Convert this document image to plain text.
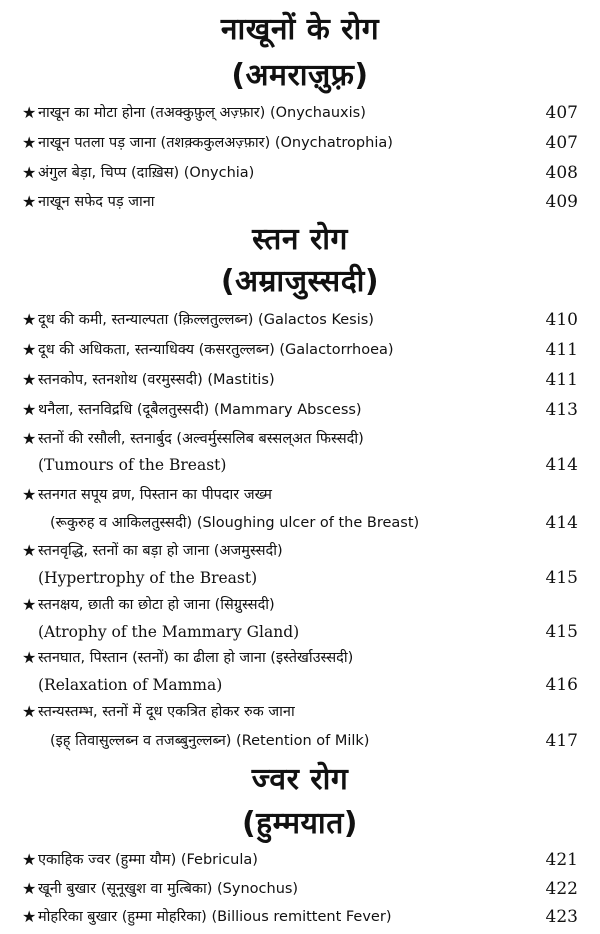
नाखूनों के रोग
(अमराज़ुफ़्र)
★ नाखून का मोटा होना (तअक्कुफ़ुल् अज़्फ़ार) (Onychauxis)	407
★ नाखून पतला पड़ जाना (तशक़्ककुलअज़्फ़ार) (Onychatrophia)	407
★ अंगुल बेड़ा, चिप्प (दाख़िस) (Onychia)	408
★ नाखून सफेद पड़ जाना	409
स्तन रोग
(अम्राजुस्सदी)
★ दूध की कमी, स्तन्याल्पता (क़िल्लतुल्लब्न) (Galactos Kesis)	410
★ दूध की अधिकता, स्तन्याधिक्य (कसरतुल्लब्न) (Galactorrhoea)	411
★ स्तनकोप, स्तनशोथ (वरमुस्सदी) (Mastitis)	411
★ थनैला, स्तनविद्रधि (दूबैलतुस्सदी) (Mammary Abscess)	413
★ स्तनों की रसौली, स्तनार्बुद (अल्वर्मुस्सलिब बस्सल्अत फिस्सदी)
(Tumours of the Breast)	414
★ स्तनगत सपूय व्रण, पिस्तान का पीपदार जख्म
(रूकुरुह व आकिलतुस्सदी) (Sloughing ulcer of the Breast)	414
★ स्तनवृद्धि, स्तनों का बड़ा हो जाना (अजमुस्सदी)
(Hypertrophy of the Breast)	415
★ स्तनक्षय, छाती का छोटा हो जाना (सिग्रुस्सदी)
(Atrophy of the Mammary Gland)	415
★ स्तनघात, पिस्तान (स्तनों) का ढीला हो जाना (इस्तेर्खाउस्सदी)
(Relaxation of Mamma)	416
★ स्तन्यस्तम्भ, स्तनों में दूध एकत्रित होकर रुक जाना
(इह् तिवासुल्लब्न व तजब्बुनुल्लब्न) (Retention of Milk)	417
ज्वर रोग
(हुम्मयात)
★ एकाहिक ज्वर (हुम्मा यौम) (Febricula)	421
★ खूनी बुखार (सूनूखुश वा मुत्बिका) (Synochus)	422
★ मोहरिका बुखार (हुम्मा मोहरिका) (Billious remittent Fever)	423
